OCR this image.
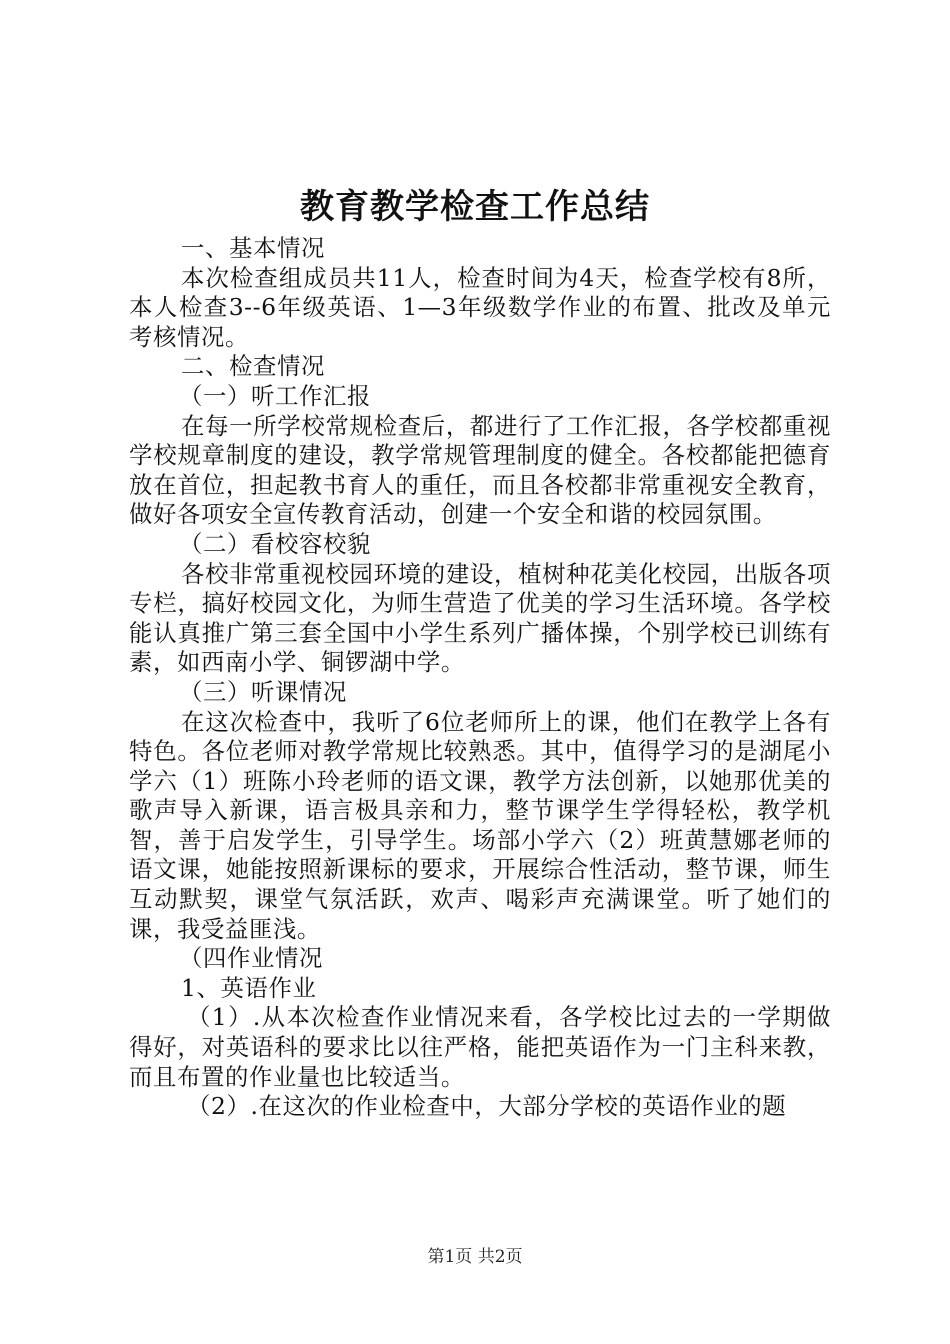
教育教学检查工作总结

一、基本情况

本次检查组成员共11人，检查时间为4天，检查学校有8所，本人检查3--6年级英语、1—3年级数学作业的布置、批改及单元考核情况。

二、检查情况

（一）听工作汇报

在每一所学校常规检查后，都进行了工作汇报，各学校都重视学校规章制度的建设，教学常规管理制度的健全。各校都能把德育放在首位，担起教书育人的重任，而且各校都非常重视安全教育，做好各项安全宣传教育活动，创建一个安全和谐的校园氛围。

（二）看校容校貌

各校非常重视校园环境的建设，植树种花美化校园，出版各项专栏，搞好校园文化，为师生营造了优美的学习生活环境。各学校能认真推广第三套全国中小学生系列广播体操，个别学校已训练有素，如西南小学、铜锣湖中学。

（三）听课情况

在这次检查中，我听了6位老师所上的课，他们在教学上各有特色。各位老师对教学常规比较熟悉。其中，值得学习的是湖尾小学六（1）班陈小玲老师的语文课，教学方法创新，以她那优美的歌声导入新课，语言极具亲和力，整节课学生学得轻松，教学机智，善于启发学生，引导学生。场部小学六（2）班黄慧娜老师的语文课，她能按照新课标的要求，开展综合性活动，整节课，师生互动默契，课堂气氛活跃，欢声、喝彩声充满课堂。听了她们的课，我受益匪浅。

（四作业情况

1、英语作业

（1）.从本次检查作业情况来看，各学校比过去的一学期做得好，对英语科的要求比以往严格，能把英语作为一门主科来教，而且布置的作业量也比较适当。

（2）.在这次的作业检查中，大部分学校的英语作业的题

第1页 共2页
